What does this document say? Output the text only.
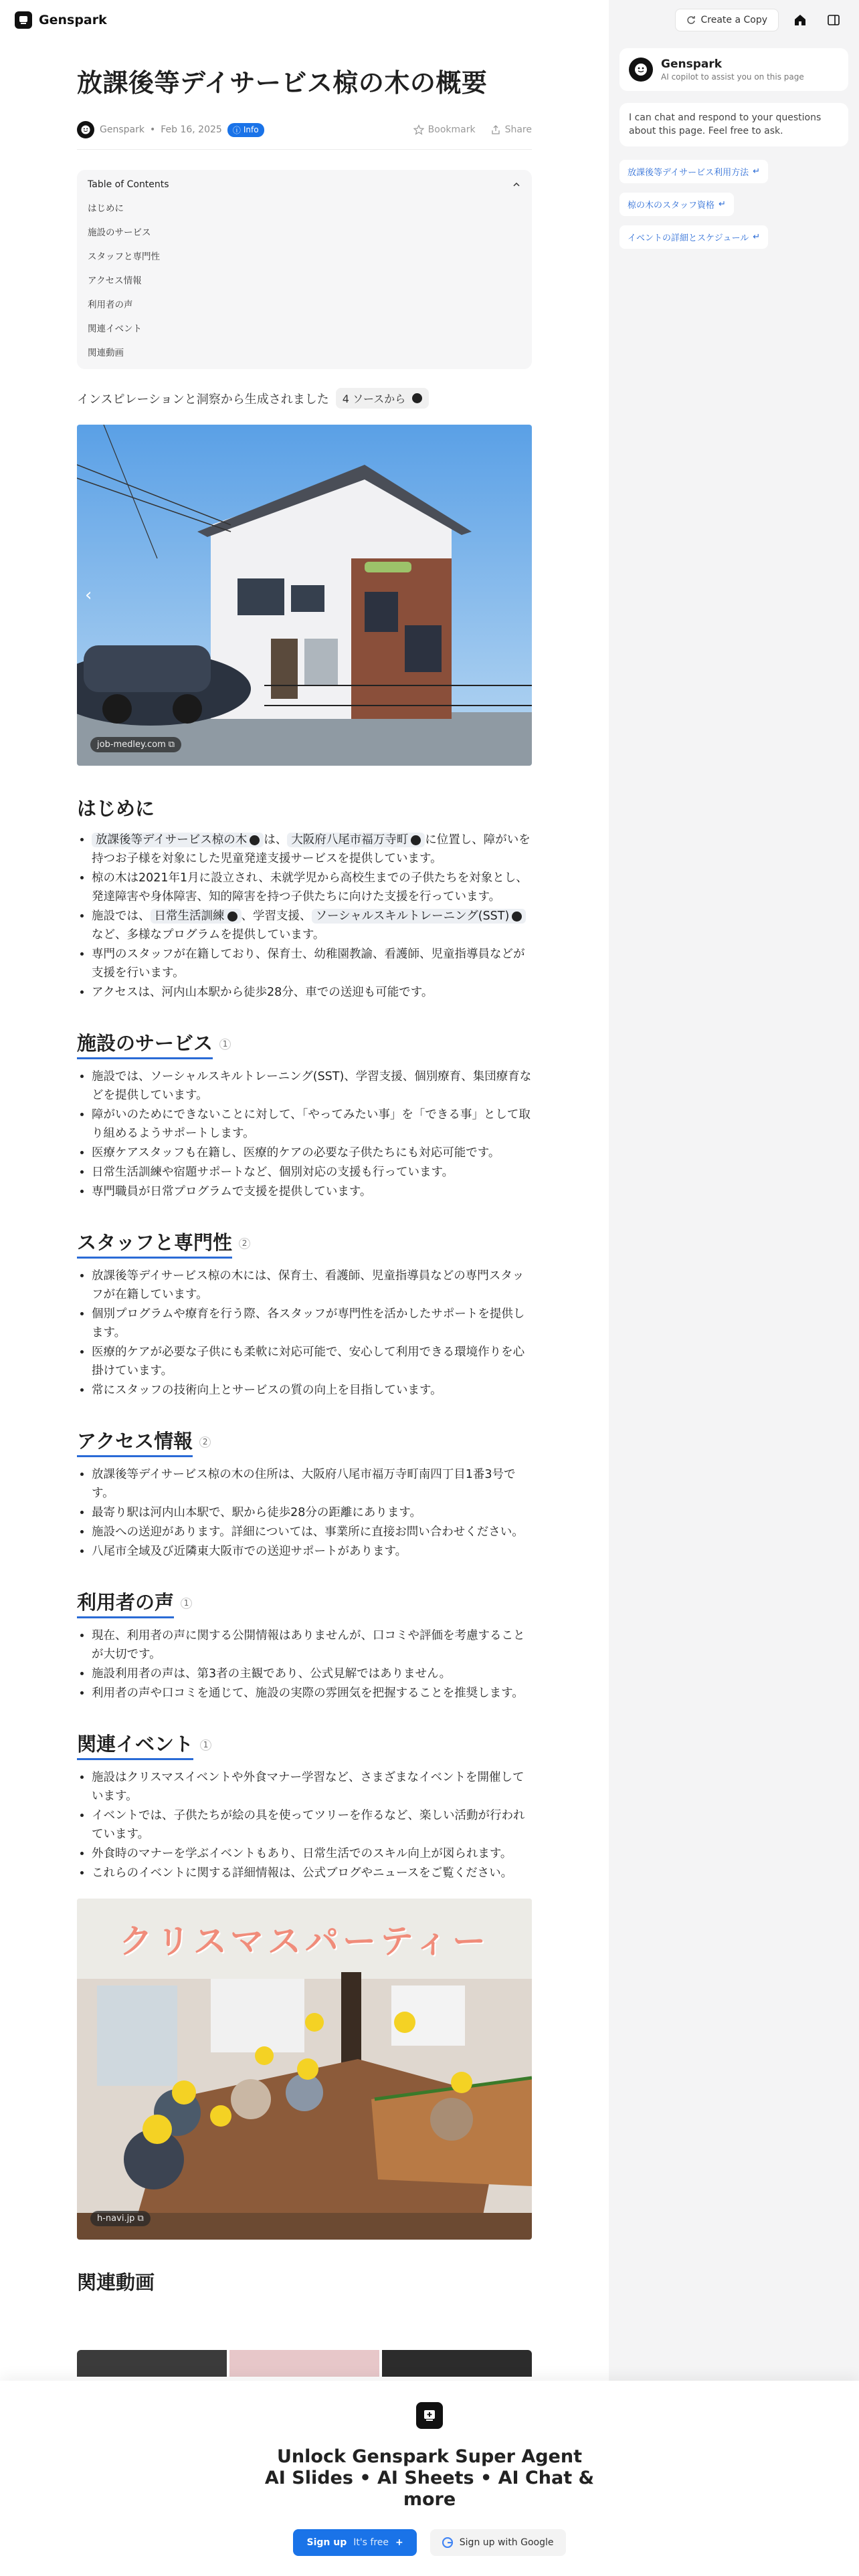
Genspark	Create a Copy
Genspark
AI copilot to assist you on this page
I can chat and respond to your questions about this page. Feel free to ask.
放課後等デイサービス利用方法 ↵
椋の木のスタッフ資格 ↵
イベントの詳細とスケジュール ↵
放課後等デイサービス椋の木の概要
Genspark • Feb 16, 2025 ⓘ Info	Bookmark	Share
Table of Contents
はじめに
施設のサービス
スタッフと専門性
アクセス情報
利用者の声
関連イベント
関連動画
インスピレーションと洞察から生成されました 4 ソースから
‹
job-medley.com ⧉
はじめに
• 放課後等デイサービス椋の木 は、 大阪府八尾市福万寺町 に位置し、障がいを持つお子様を対象にした児童発達支援サービスを提供しています。
• 椋の木は2021年1月に設立され、未就学児から高校生までの子供たちを対象とし、発達障害や身体障害、知的障害を持つ子供たちに向けた支援を行っています。
• 施設では、 日常生活訓練 、学習支援、 ソーシャルスキルトレーニング(SST)など、多様なプログラムを提供しています。
• 専門のスタッフが在籍しており、保育士、幼稚園教諭、看護師、児童指導員などが支援を行います。
• アクセスは、河内山本駅から徒歩28分、車での送迎も可能です。
施設のサービス	1
• 施設では、ソーシャルスキルトレーニング(SST)、学習支援、個別療育、集団療育などを提供しています。
• 障がいのためにできないことに対して、「やってみたい事」を「できる事」として取り組めるようサポートします。
• 医療ケアスタッフも在籍し、医療的ケアの必要な子供たちにも対応可能です。
• 日常生活訓練や宿題サポートなど、個別対応の支援も行っています。
• 専門職員が日常プログラムで支援を提供しています。
スタッフと専門性	2
• 放課後等デイサービス椋の木には、保育士、看護師、児童指導員などの専門スタッフが在籍しています。
• 個別プログラムや療育を行う際、各スタッフが専門性を活かしたサポートを提供します。
• 医療的ケアが必要な子供にも柔軟に対応可能で、安心して利用できる環境作りを心掛けています。
• 常にスタッフの技術向上とサービスの質の向上を目指しています。
アクセス情報	2
• 放課後等デイサービス椋の木の住所は、大阪府八尾市福万寺町南四丁目1番3号です。
• 最寄り駅は河内山本駅で、駅から徒歩28分の距離にあります。
• 施設への送迎があります。詳細については、事業所に直接お問い合わせください。
• 八尾市全域及び近隣東大阪市での送迎サポートがあります。
利用者の声	1
• 現在、利用者の声に関する公開情報はありませんが、口コミや評価を考慮することが大切です。
• 施設利用者の声は、第3者の主観であり、公式見解ではありません。
• 利用者の声や口コミを通じて、施設の実際の雰囲気を把握することを推奨します。
関連イベント	1
• 施設はクリスマスイベントや外食マナー学習など、さまざまなイベントを開催しています。
• イベントでは、子供たちが絵の具を使ってツリーを作るなど、楽しい活動が行われています。
• 外食時のマナーを学ぶイベントもあり、日常生活でのスキル向上が図られます。
• これらのイベントに関する詳細情報は、公式ブログやニュースをご覧ください。
クリスマスパーティー
h-navi.jp ⧉
関連動画
Unlock Genspark Super Agent
AI Slides • AI Sheets • AI Chat &
more
Sign up It's free +	Sign up with Google
